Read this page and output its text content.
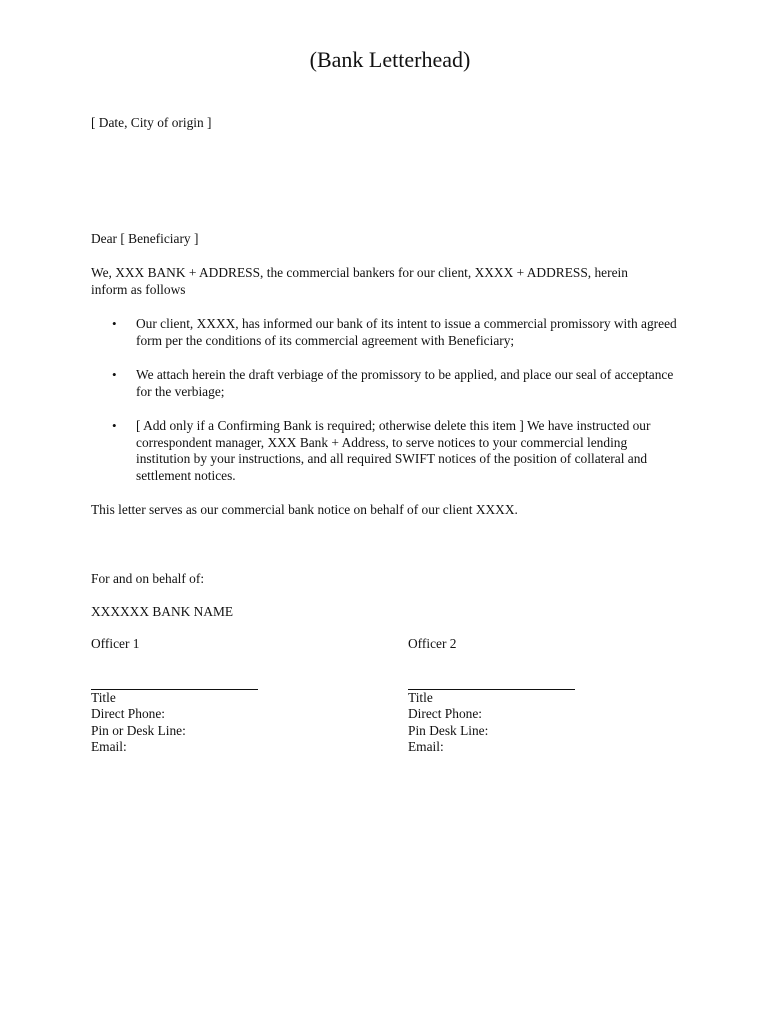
(Bank Letterhead)
[ Date, City of origin ]
Dear [ Beneficiary ]
We, XXX BANK + ADDRESS, the commercial bankers for our client, XXXX + ADDRESS, herein inform as follows
• Our client, XXXX, has informed our bank of its intent to issue a commercial promissory with agreed form per the conditions of its commercial agreement with Beneficiary;
• We attach herein the draft verbiage of the promissory to be applied, and place our seal of acceptance for the verbiage;
• [ Add only if a Confirming Bank is required; otherwise delete this item ] We have instructed our correspondent manager, XXX Bank + Address, to serve notices to your commercial lending institution by your instructions, and all required SWIFT notices of the position of collateral and settlement notices.
This letter serves as our commercial bank notice on behalf of our client XXXX.
For and on behalf of:
XXXXXX BANK NAME
Officer 1
Title
Direct Phone:
Pin or Desk Line:
Email:
Officer 2
Title
Direct Phone:
Pin Desk Line:
Email:
